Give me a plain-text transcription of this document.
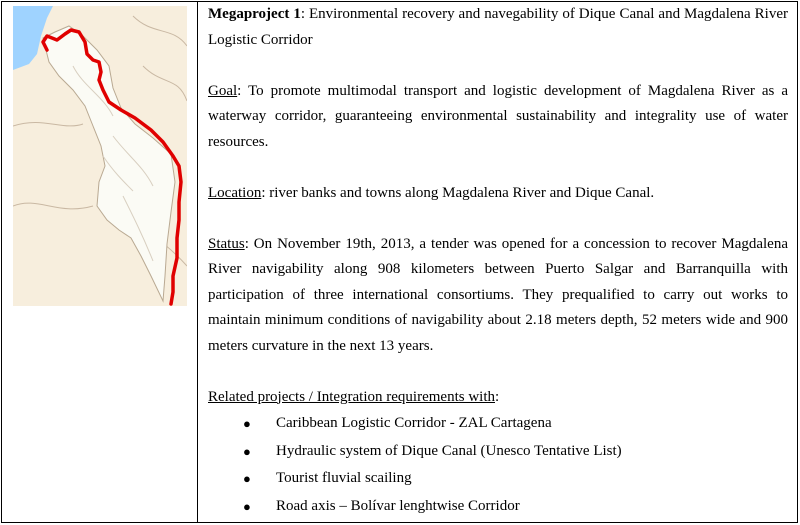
Megaproject 1: Environmental recovery and navegability of Dique Canal and Magdalena River Logistic Corridor

Goal: To promote multimodal transport and logistic development of Magdalena River as a waterway corridor, guaranteeing environmental sustainability and integrality use of water resources.

Location: river banks and towns along Magdalena River and Dique Canal.

Status: On November 19th, 2013, a tender was opened for a concession to recover Magdalena River navigability along 908 kilometers between Puerto Salgar and Barranquilla with participation of three international consortiums. They prequalified to carry out works to maintain minimum conditions of navigability about 2.18 meters depth, 52 meters wide and 900 meters curvature in the next 13 years.

Related projects / Integration requirements with:

● Caribbean Logistic Corridor - ZAL Cartagena
● Hydraulic system of Dique Canal (Unesco Tentative List)
● Tourist fluvial scailing
● Road axis – Bolívar lenghtwise Corridor
